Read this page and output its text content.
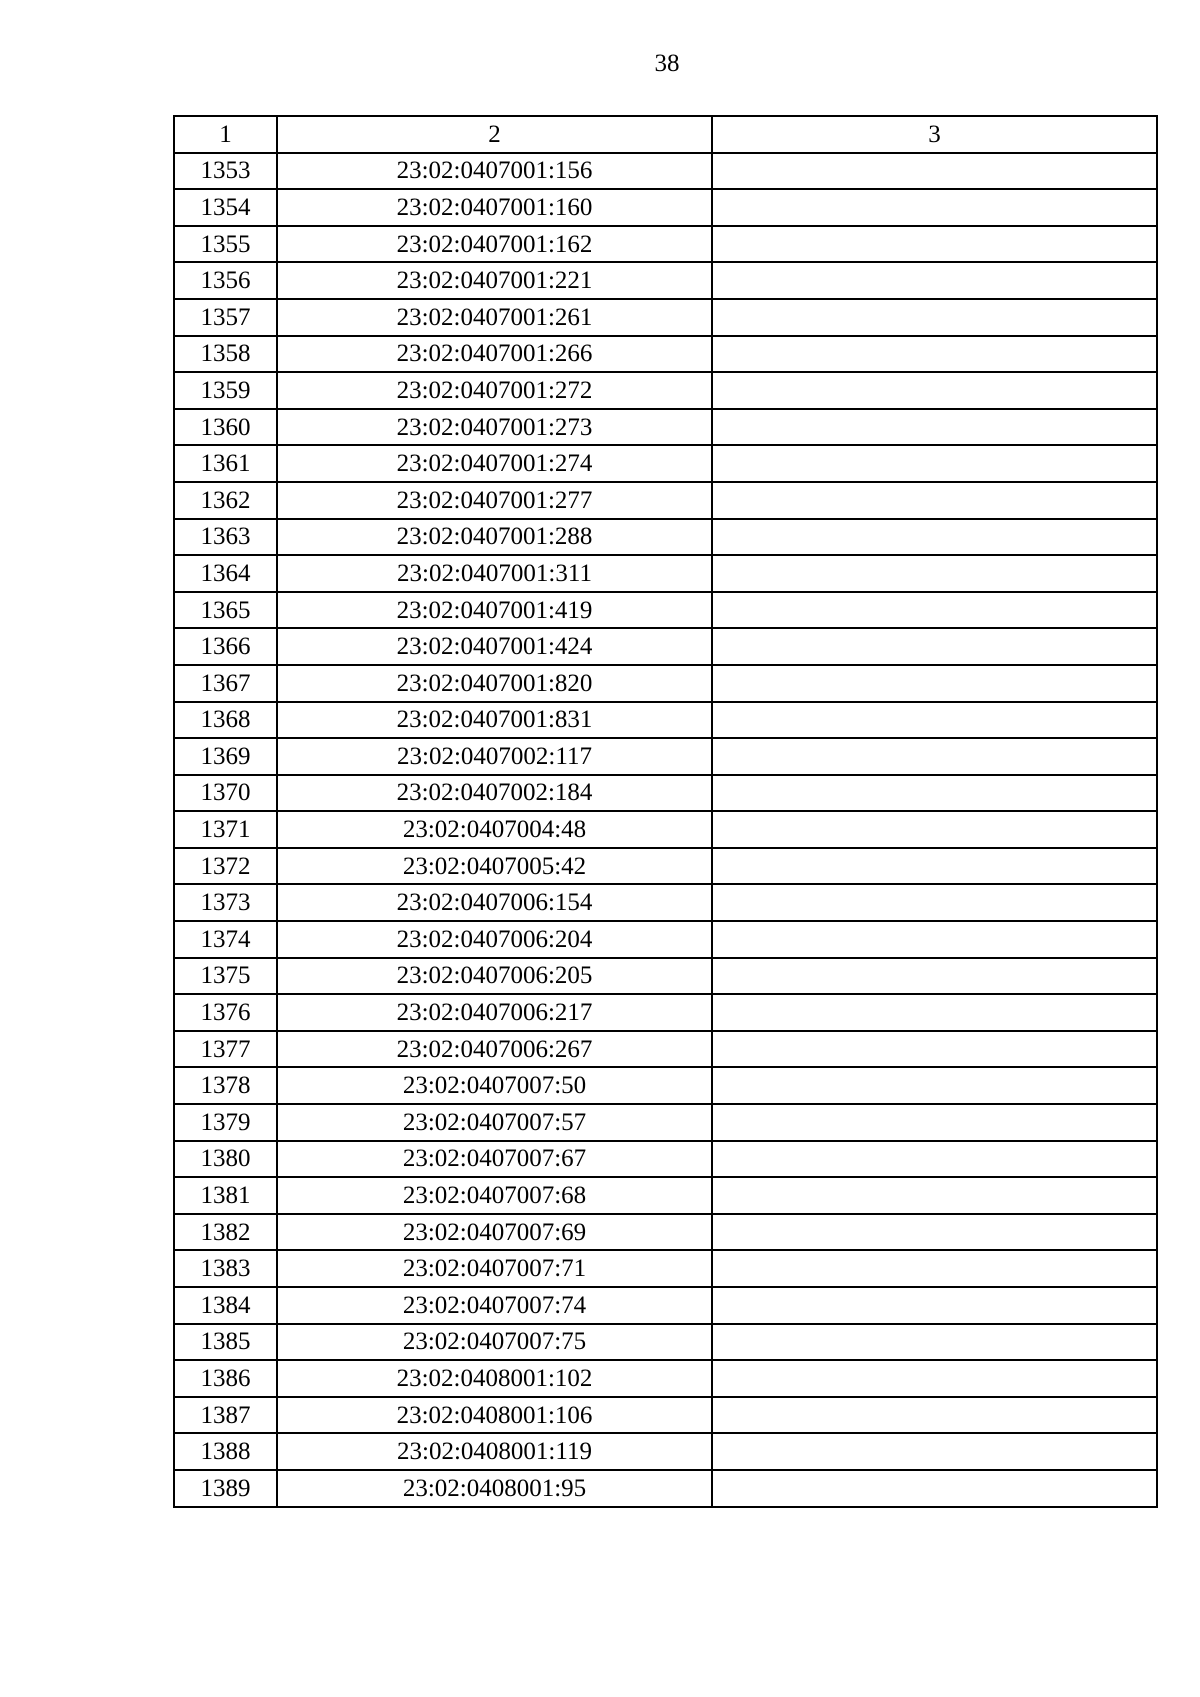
38
1	2	3
1353	23:02:0407001:156	
1354	23:02:0407001:160	
1355	23:02:0407001:162	
1356	23:02:0407001:221	
1357	23:02:0407001:261	
1358	23:02:0407001:266	
1359	23:02:0407001:272	
1360	23:02:0407001:273	
1361	23:02:0407001:274	
1362	23:02:0407001:277	
1363	23:02:0407001:288	
1364	23:02:0407001:311	
1365	23:02:0407001:419	
1366	23:02:0407001:424	
1367	23:02:0407001:820	
1368	23:02:0407001:831	
1369	23:02:0407002:117	
1370	23:02:0407002:184	
1371	23:02:0407004:48	
1372	23:02:0407005:42	
1373	23:02:0407006:154	
1374	23:02:0407006:204	
1375	23:02:0407006:205	
1376	23:02:0407006:217	
1377	23:02:0407006:267	
1378	23:02:0407007:50	
1379	23:02:0407007:57	
1380	23:02:0407007:67	
1381	23:02:0407007:68	
1382	23:02:0407007:69	
1383	23:02:0407007:71	
1384	23:02:0407007:74	
1385	23:02:0407007:75	
1386	23:02:0408001:102	
1387	23:02:0408001:106	
1388	23:02:0408001:119	
1389	23:02:0408001:95	
